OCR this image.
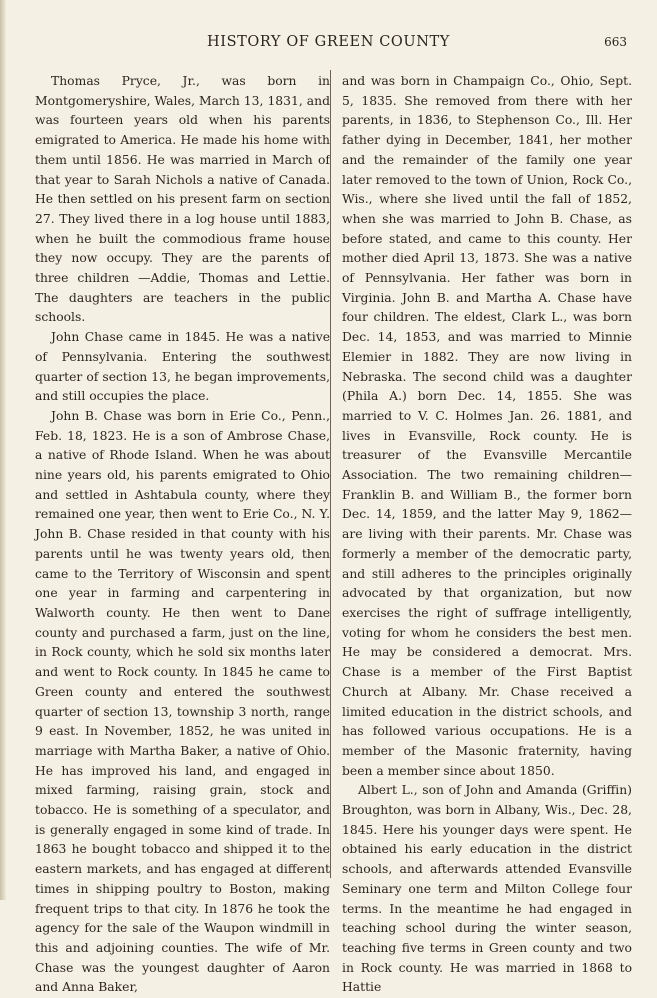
HISTORY OF GREEN COUNTY	663

Thomas Pryce, Jr., was born in Montgomeryshire, Wales, March 13, 1831, and was fourteen years old when his parents emigrated to America. He made his home with them until 1856. He was married in March of that year to Sarah Nichols a native of Canada. He then settled on his present farm on section 27. They lived there in a log house until 1883, when he built the commodious frame house they now occupy. They are the parents of three children —Addie, Thomas and Lettie. The daughters are teachers in the public schools.

John Chase came in 1845. He was a native of Pennsylvania. Entering the southwest quarter of section 13, he began improvements, and still occupies the place.

John B. Chase was born in Erie Co., Penn., Feb. 18, 1823. He is a son of Ambrose Chase, a native of Rhode Island. When he was about nine years old, his parents emigrated to Ohio and settled in Ashtabula county, where they remained one year, then went to Erie Co., N. Y. John B. Chase resided in that county with his parents until he was twenty years old, then came to the Territory of Wisconsin and spent one year in farming and carpentering in Walworth county. He then went to Dane county and purchased a farm, just on the line, in Rock county, which he sold six months later and went to Rock county. In 1845 he came to Green county and entered the southwest quarter of section 13, township 3 north, range 9 east. In November, 1852, he was united in marriage with Martha Baker, a native of Ohio. He has improved his land, and engaged in mixed farming, raising grain, stock and tobacco. He is something of a speculator, and is generally engaged in some kind of trade. In 1863 he bought tobacco and shipped it to the eastern markets, and has engaged at different times in shipping poultry to Boston, making frequent trips to that city. In 1876 he took the agency for the sale of the Waupon windmill in this and adjoining counties. The wife of Mr. Chase was the youngest daughter of Aaron and Anna Baker,

and was born in Champaign Co., Ohio, Sept. 5, 1835. She removed from there with her parents, in 1836, to Stephenson Co., Ill. Her father dying in December, 1841, her mother and the remainder of the family one year later removed to the town of Union, Rock Co., Wis., where she lived until the fall of 1852, when she was married to John B. Chase, as before stated, and came to this county. Her mother died April 13, 1873. She was a native of Pennsylvania. Her father was born in Virginia. John B. and Martha A. Chase have four children. The eldest, Clark L., was born Dec. 14, 1853, and was married to Minnie Elemier in 1882. They are now living in Nebraska. The second child was a daughter (Phila A.) born Dec. 14, 1855. She was married to V. C. Holmes Jan. 26. 1881, and lives in Evansville, Rock county. He is treasurer of the Evansville Mercantile Association. The two remaining children—Franklin B. and William B., the former born Dec. 14, 1859, and the latter May 9, 1862—are living with their parents. Mr. Chase was formerly a member of the democratic party, and still adheres to the principles originally advocated by that organization, but now exercises the right of suffrage intelligently, voting for whom he considers the best men. He may be considered a democrat. Mrs. Chase is a member of the First Baptist Church at Albany. Mr. Chase received a limited education in the district schools, and has followed various occupations. He is a member of the Masonic fraternity, having been a member since about 1850.

Albert L., son of John and Amanda (Griffin) Broughton, was born in Albany, Wis., Dec. 28, 1845. Here his younger days were spent. He obtained his early education in the district schools, and afterwards attended Evansville Seminary one term and Milton College four terms. In the meantime he had engaged in teaching school during the winter season, teaching five terms in Green county and two in Rock county. He was married in 1868 to Hattie
